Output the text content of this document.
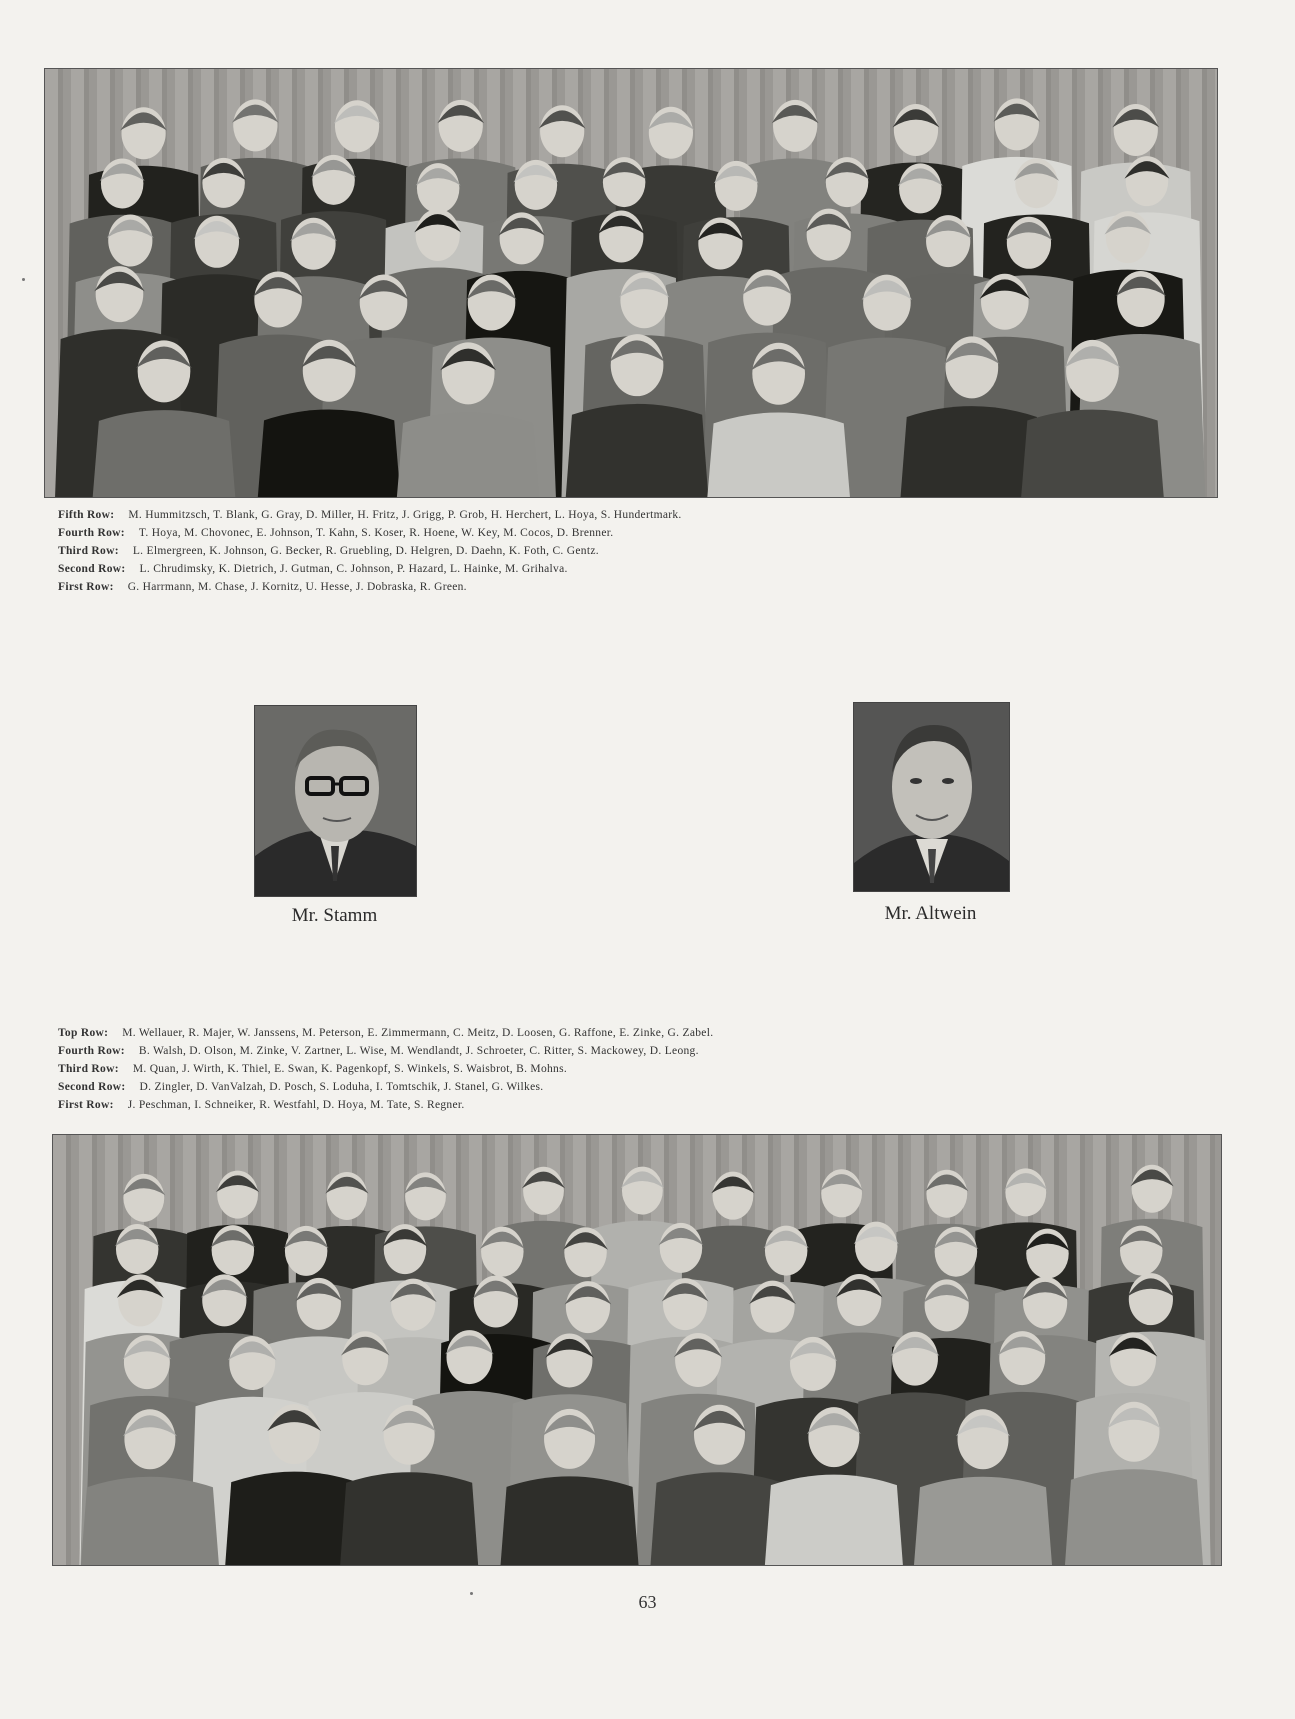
Fifth Row: M. Hummitzsch, T. Blank, G. Gray, D. Miller, H. Fritz, J. Grigg, P. Grob, H. Herchert, L. Hoya, S. Hundertmark.
Fourth Row: T. Hoya, M. Chovonec, E. Johnson, T. Kahn, S. Koser, R. Hoene, W. Key, M. Cocos, D. Brenner.
Third Row: L. Elmergreen, K. Johnson, G. Becker, R. Gruebling, D. Helgren, D. Daehn, K. Foth, C. Gentz.
Second Row: L. Chrudimsky, K. Dietrich, J. Gutman, C. Johnson, P. Hazard, L. Hainke, M. Grihalva.
First Row: G. Harrmann, M. Chase, J. Kornitz, U. Hesse, J. Dobraska, R. Green.
Mr. Stamm	Mr. Altwein
Top Row: M. Wellauer, R. Majer, W. Janssens, M. Peterson, E. Zimmermann, C. Meitz, D. Loosen, G. Raffone, E. Zinke, G. Zabel.
Fourth Row: B. Walsh, D. Olson, M. Zinke, V. Zartner, L. Wise, M. Wendlandt, J. Schroeter, C. Ritter, S. Mackowey, D. Leong.
Third Row: M. Quan, J. Wirth, K. Thiel, E. Swan, K. Pagenkopf, S. Winkels, S. Waisbrot, B. Mohns.
Second Row: D. Zingler, D. VanValzah, D. Posch, S. Loduha, I. Tomtschik, J. Stanel, G. Wilkes.
First Row: J. Peschman, I. Schneiker, R. Westfahl, D. Hoya, M. Tate, S. Regner.
63
